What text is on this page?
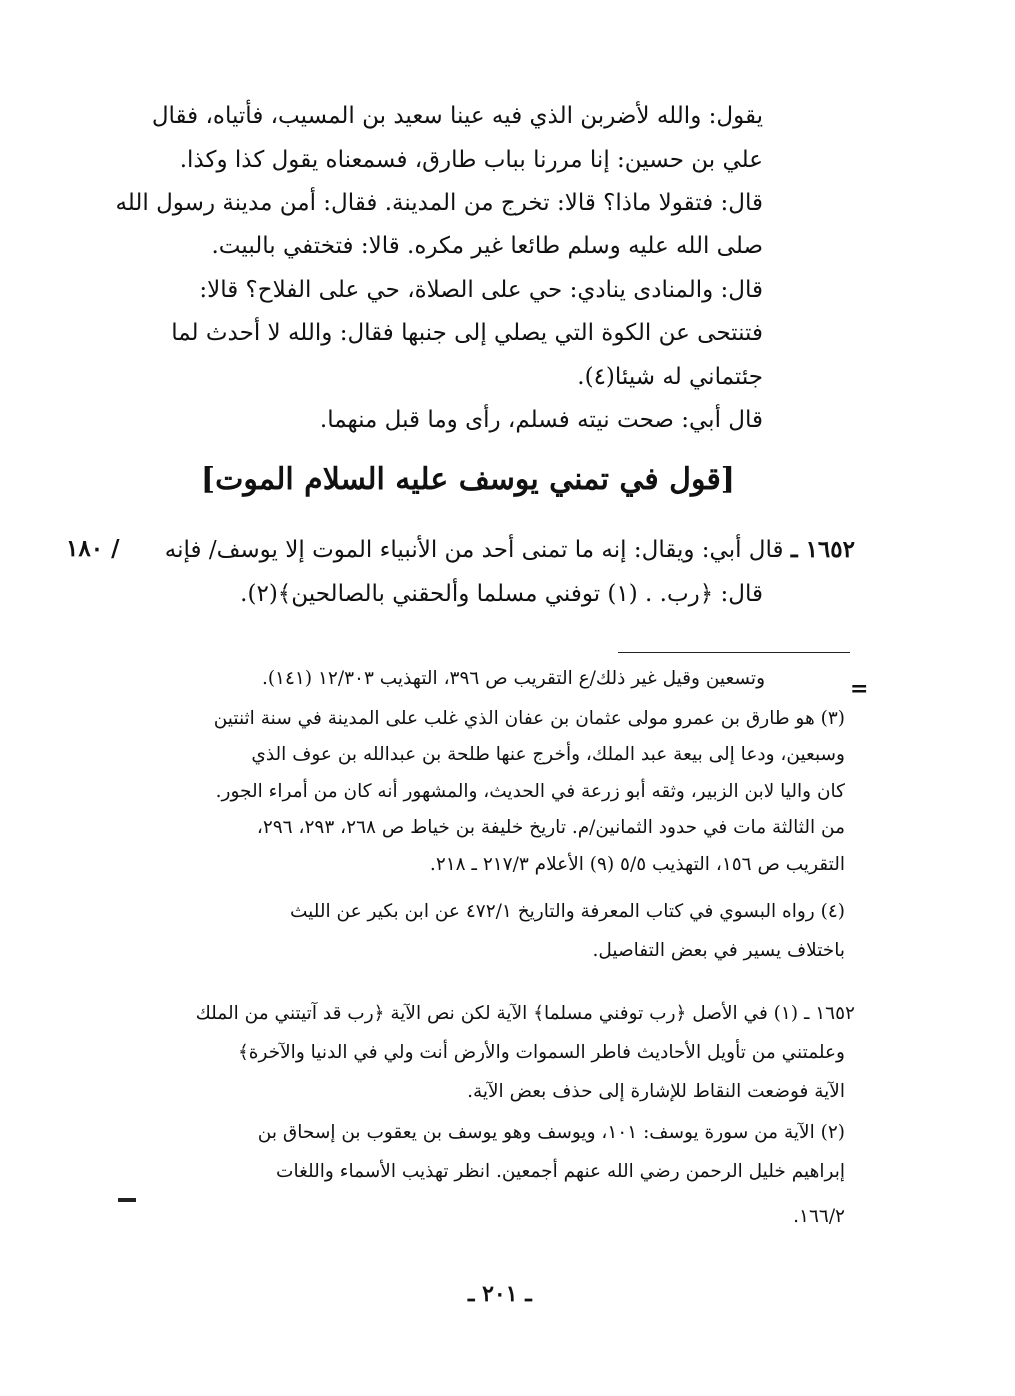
يقول: والله لأضربن الذي فيه عينا سعيد بن المسيب، فأتياه، فقال
علي بن حسين: إنا مررنا بباب طارق، فسمعناه يقول كذا وكذا.
قال: فتقولا ماذا؟ قالا: تخرج من المدينة. فقال: أمن مدينة رسول الله
صلى الله عليه وسلم طائعا غير مكره. قالا: فتختفي بالبيت.
قال: والمنادى ينادي: حي على الصلاة، حي على الفلاح؟ قالا:
فتنتحى عن الكوة التي يصلي إلى جنبها فقال: والله لا أحدث لما
جئتماني له شيئا(٤).
قال أبي: صحت نيته فسلم، رأى وما قبل منهما.
[قول في تمني يوسف عليه السلام الموت]
١٦٥٢ ـ قال أبي: ويقال: إنه ما تمنى أحد من الأنبياء الموت إلا يوسف/ فإنه
قال: ﴿رب. . (١) توفني مسلما وألحقني بالصالحين﴾(٢).
/ ١٨٠
=
وتسعين وقيل غير ذلك/ع التقريب ص ٣٩٦، التهذيب ١٢/٣٠٣ (١٤١).
(٣) هو طارق بن عمرو مولى عثمان بن عفان الذي غلب على المدينة في سنة اثنتين
وسبعين، ودعا إلى بيعة عبد الملك، وأخرج عنها طلحة بن عبدالله بن عوف الذي
كان واليا لابن الزبير، وثقه أبو زرعة في الحديث، والمشهور أنه كان من أمراء الجور.
من الثالثة مات في حدود الثمانين/م. تاريخ خليفة بن خياط ص ٢٦٨، ٢٩٣، ٢٩٦،
التقريب ص ١٥٦، التهذيب ٥/٥ (٩) الأعلام ٢١٧/٣ ـ ٢١٨.
(٤) رواه البسوي في كتاب المعرفة والتاريخ ٤٧٢/١ عن ابن بكير عن الليث
باختلاف يسير في بعض التفاصيل.
١٦٥٢ ـ (١) في الأصل ﴿رب توفني مسلما﴾ الآية لكن نص الآية ﴿رب قد آتيتني من الملك
وعلمتني من تأويل الأحاديث فاطر السموات والأرض أنت ولي في الدنيا والآخرة﴾
الآية فوضعت النقاط للإشارة إلى حذف بعض الآية.
(٢) الآية من سورة يوسف: ١٠١، ويوسف وهو يوسف بن يعقوب بن إسحاق بن
إبراهيم خليل الرحمن رضي الله عنهم أجمعين. انظر تهذيب الأسماء واللغات
١٦٦/٢.
ـ ٢٠١ ـ
